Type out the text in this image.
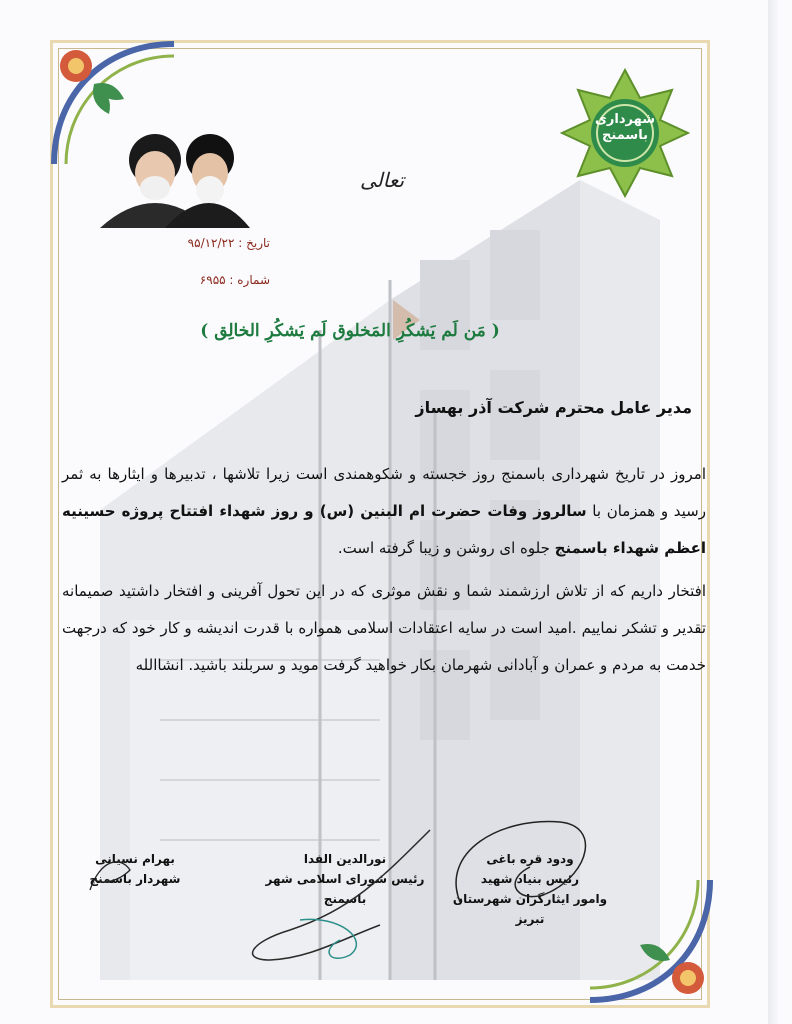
شهرداری
باسمنج
تعالی
تاریخ : ۹۵/۱۲/۲۲
شماره : ۶۹۵۵
( مَن لَم یَشکُرِ المَخلوق لَم یَشکُرِ الخالِق )
مدیر عامل محترم شرکت آذر بهساز

امروز در تاریخ شهرداری باسمنج روز خجسته و شکوهمندی است زیرا تلاشها ، تدبیرها و ایثارها به ثمر رسید و همزمان با سالروز وفات حضرت ام البنین (س) و روز شهداء افتتاح پروژه حسینیه اعظم شهداء باسمنج جلوه ای روشن و زیبا گرفته است.

افتخار داریم که از تلاش ارزشمند شما و نقش موثری که در این تحول آفرینی و افتخار داشتید صمیمانه تقدیر و تشکر نماییم .امید است در سایه اعتقادات اسلامی همواره با قدرت اندیشه و کار خود که درجهت خدمت به مردم و عمران و آبادانی شهرمان بکار خواهید گرفت موید و سربلند باشید. انشاالله

ودود قره باغی
رئیس بنیاد شهید
وامور ایثارگران شهرستان تبریز
نورالدین الفدا
رئیس شورای اسلامی شهر باسمنج
بهرام نسیانی
شهردار باسمنج
